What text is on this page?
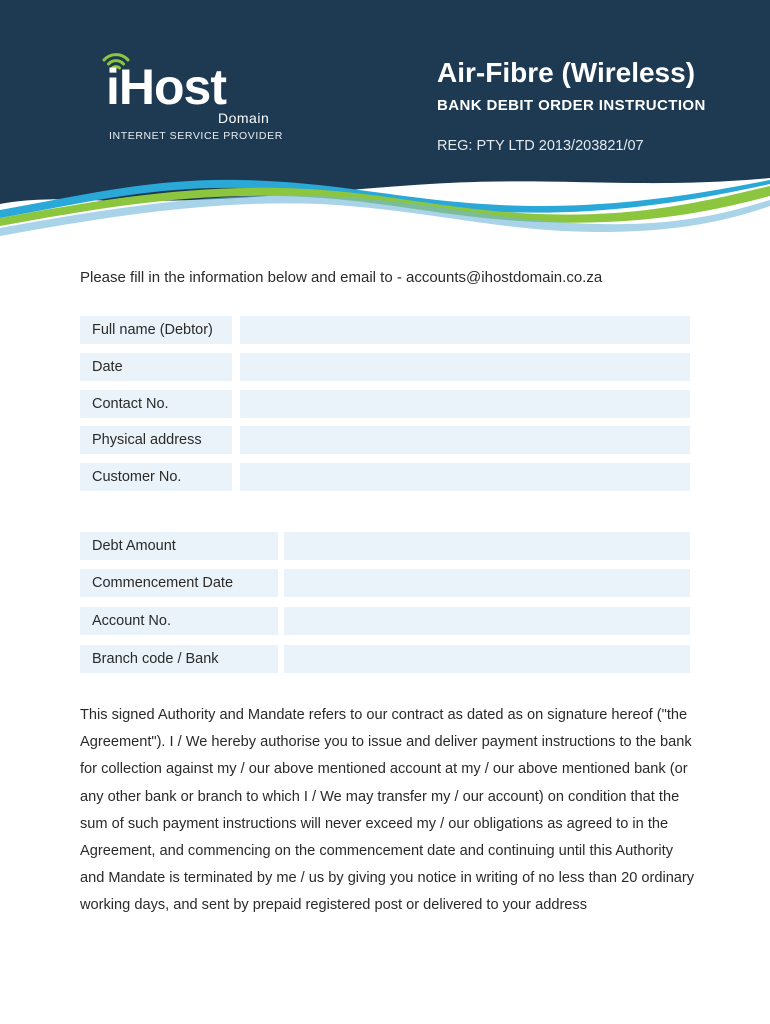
iHost
Domain
INTERNET SERVICE PROVIDER
Air-Fibre (Wireless)
BANK DEBIT ORDER INSTRUCTION
REG: PTY LTD 2013/203821/07
Please fill in the information below and email to - accounts@ihostdomain.co.za
Full name (Debtor)
Date
Contact No.
Physical address
Customer No.
Debt Amount
Commencement Date
Account No.
Branch code / Bank
This signed Authority and Mandate refers to our contract as dated as on signature hereof ("the Agreement"). I / We hereby authorise you to issue and deliver payment instructions to the bank for collection against my / our above mentioned account at my / our above mentioned bank (or any other bank or branch to which I / We may transfer my / our account) on condition that the sum of such payment instructions will never exceed my / our obligations as agreed to in the Agreement, and commencing on the commencement date and continuing until this Authority and Mandate is terminated by me / us by giving you notice in writing of no less than 20 ordinary working days, and sent by prepaid registered post or delivered to your address
